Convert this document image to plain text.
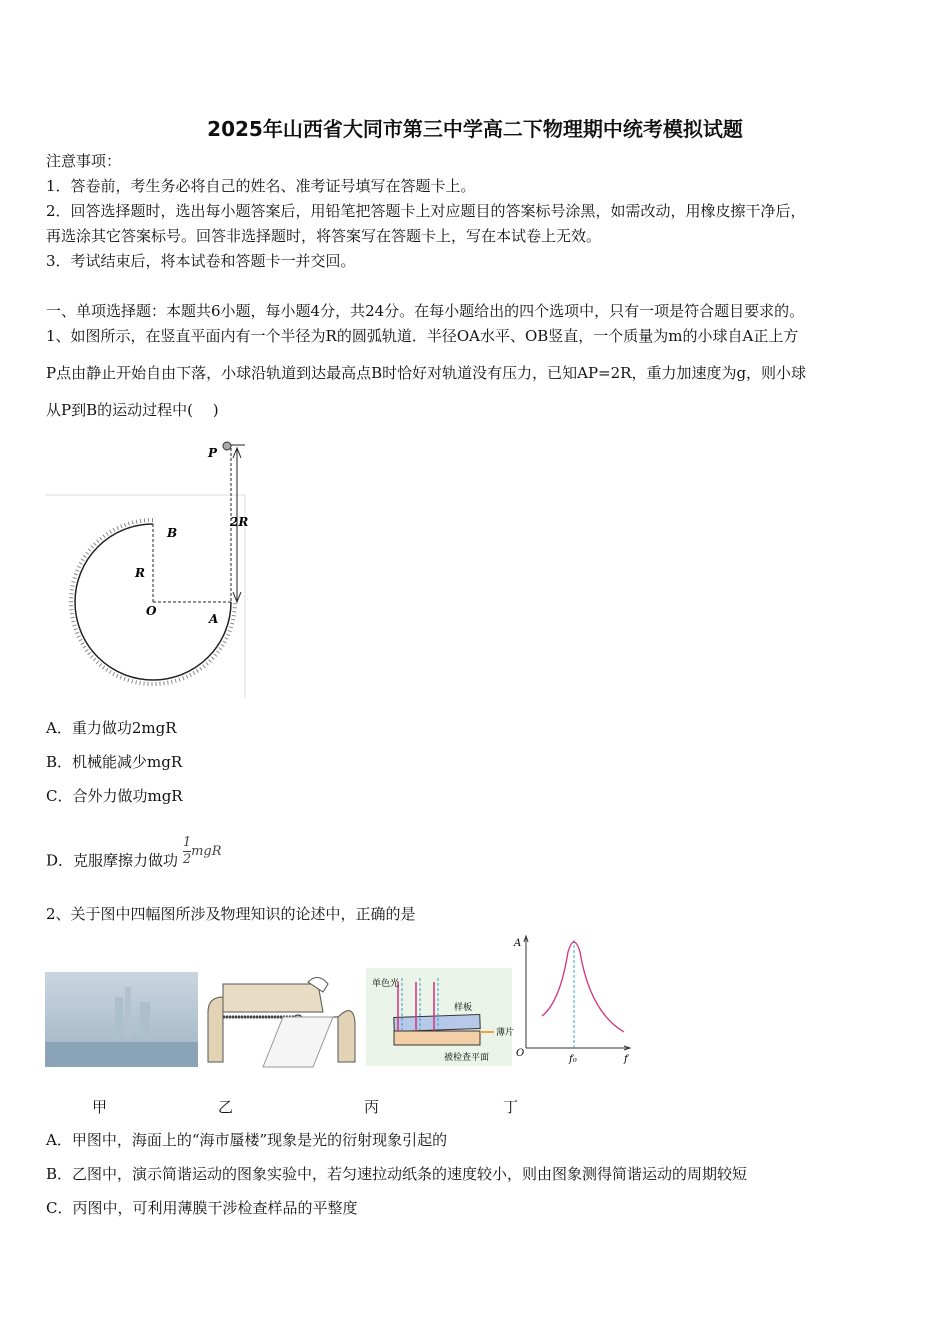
2025年山西省大同市第三中学高二下物理期中统考模拟试题
注意事项：
1．答卷前，考生务必将自己的姓名、准考证号填写在答题卡上。
2．回答选择题时，选出每小题答案后，用铅笔把答题卡上对应题目的答案标号涂黑，如需改动，用橡皮擦干净后，
再选涂其它答案标号。回答非选择题时，将答案写在答题卡上，写在本试卷上无效。
3．考试结束后，将本试卷和答题卡一并交回。
一、单项选择题：本题共6小题，每小题4分，共24分。在每小题给出的四个选项中，只有一项是符合题目要求的。
1、如图所示，在竖直平面内有一个半径为R的圆弧轨道．半径OA水平、OB竖直，一个质量为m的小球自A正上方
P点由静止开始自由下落，小球沿轨道到达最高点B时恰好对轨道没有压力，已知AP=2R，重力加速度为g，则小球
从P到B的运动过程中(　 )
P
B
R
O
A
2R
A．重力做功2mgR
B．机械能减少mgR
C．合外力做功mgR
D．克服摩擦力做功 $\frac{1}{2}$ mgR
2、关于图中四幅图所涉及物理知识的论述中，正确的是
单色光
样板
薄片
被检查平面
A
O
f
f₀
甲	乙	丙	丁
A．甲图中，海面上的“海市蜃楼”现象是光的衍射现象引起的
B．乙图中，演示简谐运动的图象实验中，若匀速拉动纸条的速度较小，则由图象测得简谐运动的周期较短
C．丙图中，可利用薄膜干涉检查样品的平整度
